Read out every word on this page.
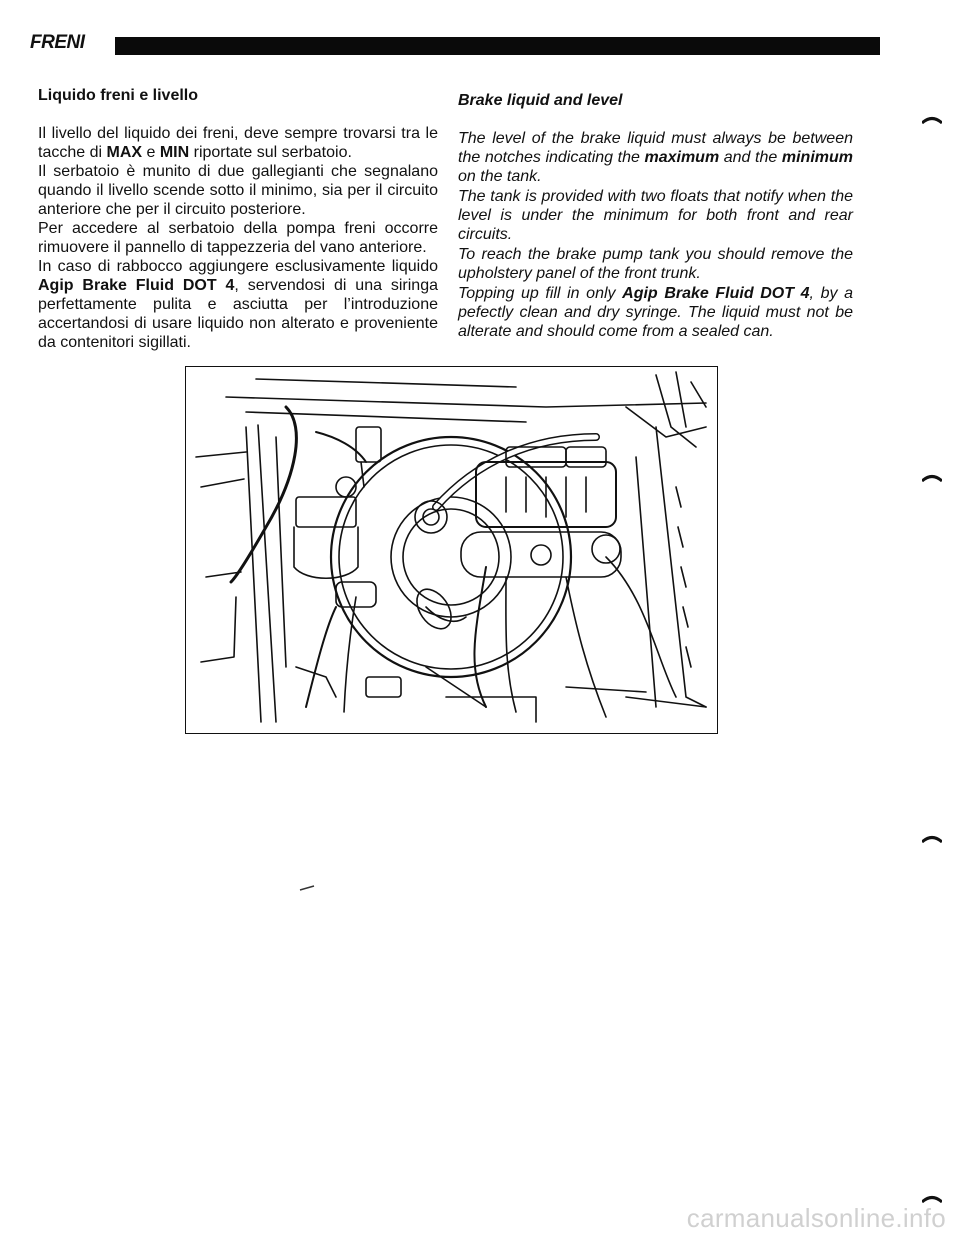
FRENI
Liquido freni e livello

Il livello del liquido dei freni, deve sempre trovarsi tra le tacche di MAX e MIN riportate sul serbatoio.

Il serbatoio è munito di due gallegianti che segnalano quando il livello scende sotto il minimo, sia per il circuito anteriore che per il circuito posteriore.

Per accedere al serbatoio della pompa freni occorre rimuovere il pannello di tappezzeria del vano anteriore.

In caso di rabbocco aggiungere esclusivamente liquido Agip Brake Fluid DOT 4, servendosi di una siringa perfettamente pulita e asciutta per l’introduzione accertandosi di usare liquido non alterato e proveniente da contenitori sigillati.

Brake liquid and level

The level of the brake liquid must always be between the notches indicating the maximum and the minimum on the tank.

The tank is provided with two floats that notify when the level is under the minimum for both front and rear circuits.

To reach the brake pump tank you should remove the upholstery panel of the front trunk.

Topping up fill in only Agip Brake Fluid DOT 4, by a pefectly clean and dry syringe. The liquid must not be alterate and should come from a sealed can.

carmanualsonline.info
